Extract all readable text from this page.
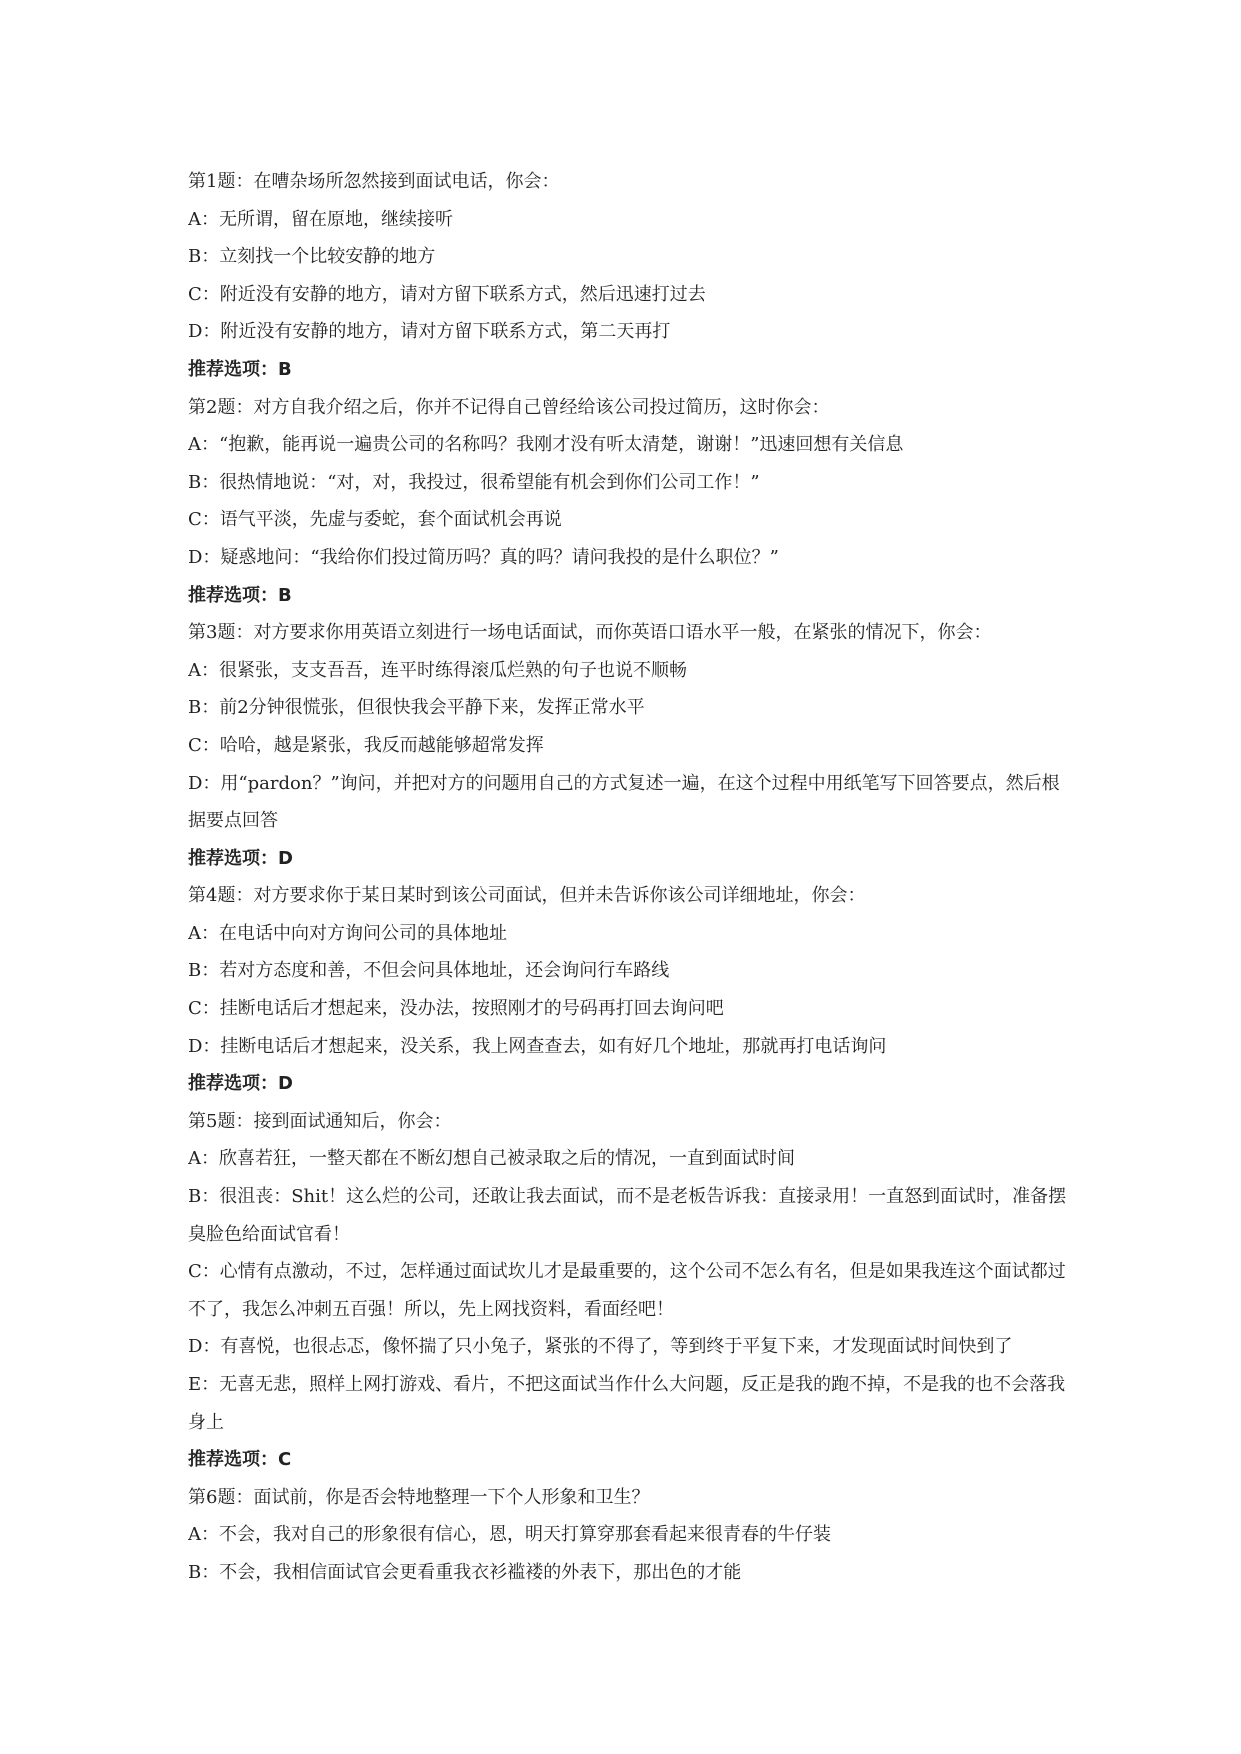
第1题：在嘈杂场所忽然接到面试电话，你会：
A：无所谓，留在原地，继续接听
B：立刻找一个比较安静的地方
C：附近没有安静的地方，请对方留下联系方式，然后迅速打过去
D：附近没有安静的地方，请对方留下联系方式，第二天再打
推荐选项：B
第2题：对方自我介绍之后，你并不记得自己曾经给该公司投过简历，这时你会：
A：“抱歉，能再说一遍贵公司的名称吗？我刚才没有听太清楚，谢谢！”迅速回想有关信息
B：很热情地说：“对，对，我投过，很希望能有机会到你们公司工作！”
C：语气平淡，先虚与委蛇，套个面试机会再说
D：疑惑地问：“我给你们投过简历吗？真的吗？请问我投的是什么职位？”
推荐选项：B
第3题：对方要求你用英语立刻进行一场电话面试，而你英语口语水平一般，在紧张的情况下，你会：
A：很紧张，支支吾吾，连平时练得滚瓜烂熟的句子也说不顺畅
B：前2分钟很慌张，但很快我会平静下来，发挥正常水平
C：哈哈，越是紧张，我反而越能够超常发挥
D：用“pardon？”询问，并把对方的问题用自己的方式复述一遍，在这个过程中用纸笔写下回答要点，然后根据要点回答
推荐选项：D
第4题：对方要求你于某日某时到该公司面试，但并未告诉你该公司详细地址，你会：
A：在电话中向对方询问公司的具体地址
B：若对方态度和善，不但会问具体地址，还会询问行车路线
C：挂断电话后才想起来，没办法，按照刚才的号码再打回去询问吧
D：挂断电话后才想起来，没关系，我上网查查去，如有好几个地址，那就再打电话询问
推荐选项：D
第5题：接到面试通知后，你会：
A：欣喜若狂，一整天都在不断幻想自己被录取之后的情况，一直到面试时间
B：很沮丧：Shit！这么烂的公司，还敢让我去面试，而不是老板告诉我：直接录用！一直怒到面试时，准备摆臭脸色给面试官看！
C：心情有点激动，不过，怎样通过面试坎儿才是最重要的，这个公司不怎么有名，但是如果我连这个面试都过不了，我怎么冲刺五百强！所以，先上网找资料，看面经吧！
D：有喜悦，也很忐忑，像怀揣了只小兔子，紧张的不得了，等到终于平复下来，才发现面试时间快到了
E：无喜无悲，照样上网打游戏、看片，不把这面试当作什么大问题，反正是我的跑不掉，不是我的也不会落我身上
推荐选项：C
第6题：面试前，你是否会特地整理一下个人形象和卫生？
A：不会，我对自己的形象很有信心，恩，明天打算穿那套看起来很青春的牛仔装
B：不会，我相信面试官会更看重我衣衫褴褛的外表下，那出色的才能
